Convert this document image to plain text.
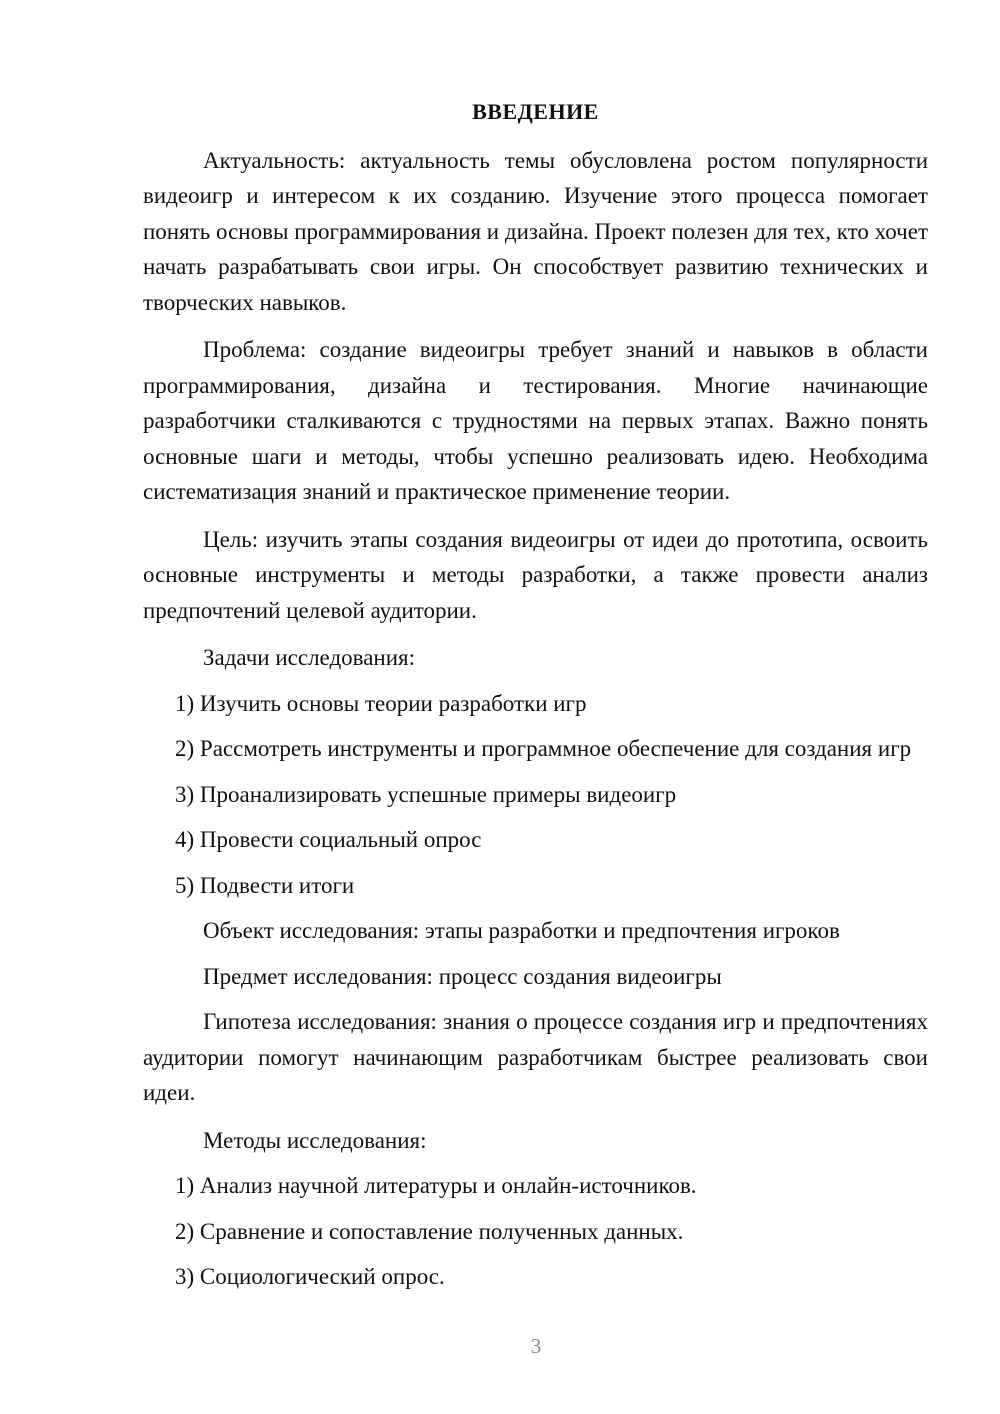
ВВЕДЕНИЕ

Актуальность: актуальность темы обусловлена ростом популярности видеоигр и интересом к их созданию. Изучение этого процесса помогает понять основы программирования и дизайна. Проект полезен для тех, кто хочет начать разрабатывать свои игры. Он способствует развитию технических и творческих навыков.

Проблема: создание видеоигры требует знаний и навыков в области программирования, дизайна и тестирования. Многие начинающие разработчики сталкиваются с трудностями на первых этапах. Важно понять основные шаги и методы, чтобы успешно реализовать идею. Необходима систематизация знаний и практическое применение теории.

Цель: изучить этапы создания видеоигры от идеи до прототипа, освоить основные инструменты и методы разработки, а также провести анализ предпочтений целевой аудитории.

Задачи исследования:

1) Изучить основы теории разработки игр

2) Рассмотреть инструменты и программное обеспечение для создания игр

3) Проанализировать успешные примеры видеоигр

4) Провести социальный опрос

5) Подвести итоги

Объект исследования: этапы разработки и предпочтения игроков

Предмет исследования: процесс создания видеоигры

Гипотеза исследования: знания о процессе создания игр и предпочтениях аудитории помогут начинающим разработчикам быстрее реализовать свои идеи.

Методы исследования:

1) Анализ научной литературы и онлайн-источников.

2) Сравнение и сопоставление полученных данных.

3) Социологический опрос.

3
